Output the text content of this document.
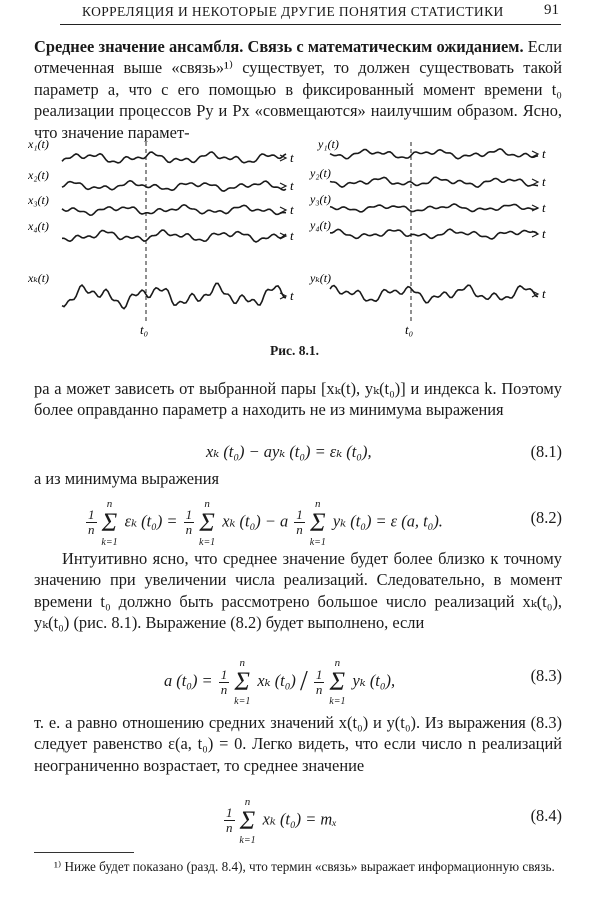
КОРРЕЛЯЦИЯ И НЕКОТОРЫЕ ДРУГИЕ ПОНЯТИЯ СТАТИСТИКИ	91

Среднее значение ансамбля. Связь с математическим ожиданием. Если отмеченная выше «связь»¹⁾ существует, то должен существовать такой параметр a, что с его помощью в фиксированный момент времени t₀ реализации процессов Py и Px «совмещаются» наилучшим образом. Ясно, что значение парамет-

t₀
x₁(t)
x₂(t)
x₃(t)
x₄(t)
xₖ(t)
t
t
t
t
t
t₀
y₁(t)
y₂(t)
y₃(t)
y₄(t)
yₖ(t)
t
t
t
t
t
Рис. 8.1.

ра a может зависеть от выбранной пары [xₖ(t), yₖ(t₀)] и индекса k. Поэтому более оправданно параметр a находить не из минимума выражения

xₖ (t₀) − ayₖ (t₀) = εₖ (t₀),	(8.1)

а из минимума выражения

$\frac{1}{n}$
n
Σ
k=1
εₖ $(t_0) = \frac{1}{n}$
n
Σ
k=1
xₖ (t₀) − a $\frac{1}{n}$
n
Σ
k=1
yₖ (t₀) = ε (a, t₀).	(8.2)

Интуитивно ясно, что среднее значение будет более близко к точному значению при увеличении числа реализаций. Следовательно, в момент времени t₀ должно быть рассмотрено большое число реализаций xₖ(t₀), yₖ(t₀) (рис. 8.1). Выражение (8.2) будет выполнено, если

a $(t_0) = \frac{1}{n}$
n
Σ
k=1
xₖ $(t_0) / \frac{1}{n}$
n
Σ
k=1
yₖ (t₀),	(8.3)

т. е. a равно отношению средних значений x(t₀) и y(t₀). Из выражения (8.3) следует равенство ε(a, t₀) = 0. Легко видеть, что если число n реализаций неограниченно возрастает, то среднее значение

$\frac{1}{n}$
n
Σ
k=1
xₖ (t₀) = mₓ	(8.4)
¹⁾ Ниже будет показано (разд. 8.4), что термин «связь» выражает информационную связь.
